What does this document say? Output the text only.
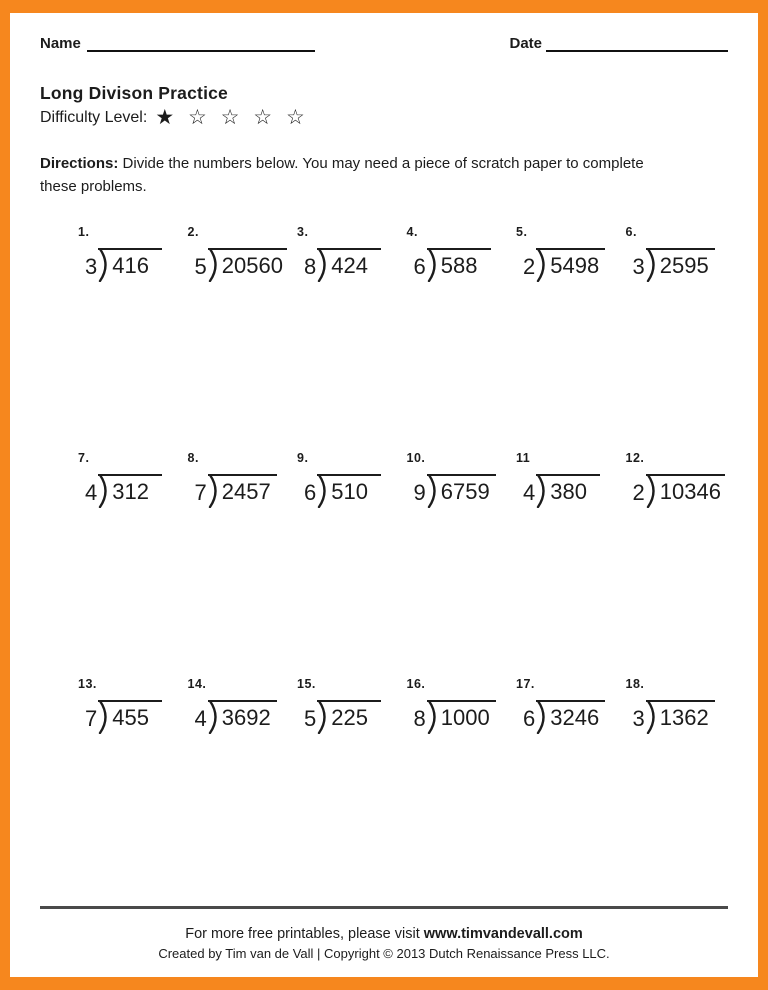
Name	Date
Long Divison Practice
Difficulty Level: ★ ☆ ☆ ☆ ☆
Directions: Divide the numbers below. You may need a piece of scratch paper to complete these problems.
1.
3 416
2.
5 20560
3.
8 424
4.
6 588
5.
2 5498
6.
3 2595
7.
4 312
8.
7 2457
9.
6 510
10.
9 6759
11
4 380
12.
2 10346
13.
7 455
14.
4 3692
15.
5 225
16.
8 1000
17.
6 3246
18.
3 1362
For more free printables, please visit www.timvandevall.com
Created by Tim van de Vall | Copyright © 2013 Dutch Renaissance Press LLC.
